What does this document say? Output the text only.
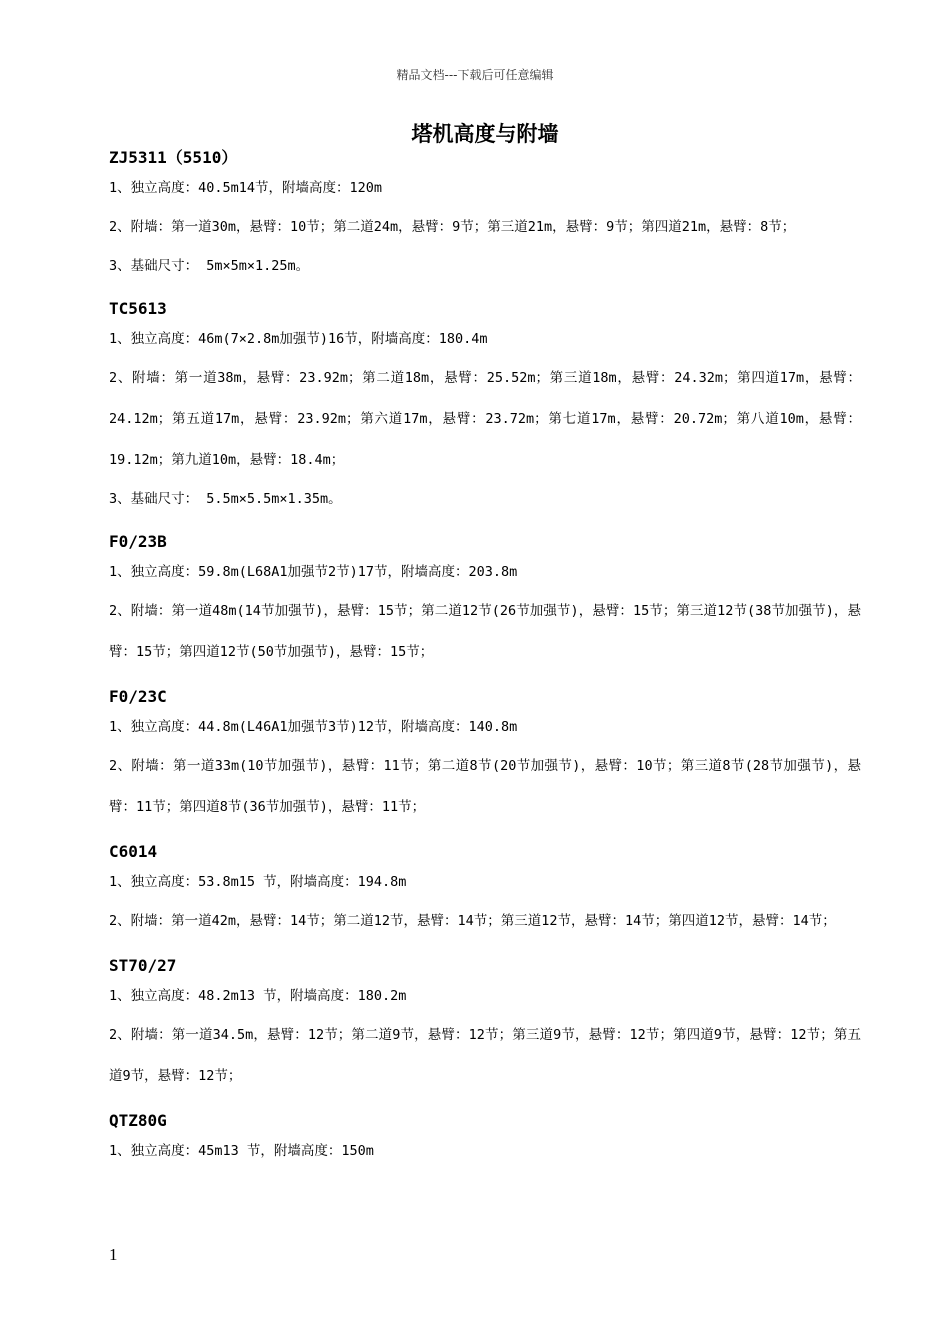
精品文档---下载后可任意编辑
塔机高度与附墙
ZJ5311（5510）
1、独立高度：40.5m14节，附墙高度：120m
2、附墙：第一道30m，悬臂：10节；第二道24m，悬臂：9节；第三道21m，悬臂：9节；第四道21m，悬臂：8节；
3、基础尺寸： 5m×5m×1.25m。
TC5613
1、独立高度：46m(7×2.8m加强节)16节，附墙高度：180.4m
2、附墙：第一道38m，悬臂：23.92m；第二道18m，悬臂：25.52m；第三道18m，悬臂：24.32m；第四道17m，悬臂：24.12m；第五道17m，悬臂：23.92m；第六道17m，悬臂：23.72m；第七道17m，悬臂：20.72m；第八道10m，悬臂：19.12m；第九道10m，悬臂：18.4m；
3、基础尺寸： 5.5m×5.5m×1.35m。
F0/23B
1、独立高度：59.8m(L68A1加强节2节)17节，附墙高度：203.8m
2、附墙：第一道48m(14节加强节)，悬臂：15节；第二道12节(26节加强节)，悬臂：15节；第三道12节(38节加强节)，悬臂：15节；第四道12节(50节加强节)，悬臂：15节；
F0/23C
1、独立高度：44.8m(L46A1加强节3节)12节，附墙高度：140.8m
2、附墙：第一道33m(10节加强节)，悬臂：11节；第二道8节(20节加强节)，悬臂：10节；第三道8节(28节加强节)，悬臂：11节；第四道8节(36节加强节)，悬臂：11节；
C6014
1、独立高度：53.8m15 节，附墙高度：194.8m
2、附墙：第一道42m，悬臂：14节；第二道12节，悬臂：14节；第三道12节，悬臂：14节；第四道12节，悬臂：14节；
ST70/27
1、独立高度：48.2m13 节，附墙高度：180.2m
2、附墙：第一道34.5m，悬臂：12节；第二道9节，悬臂：12节；第三道9节，悬臂：12节；第四道9节，悬臂：12节；第五道9节，悬臂：12节；
QTZ80G
1、独立高度：45m13 节，附墙高度：150m
1
